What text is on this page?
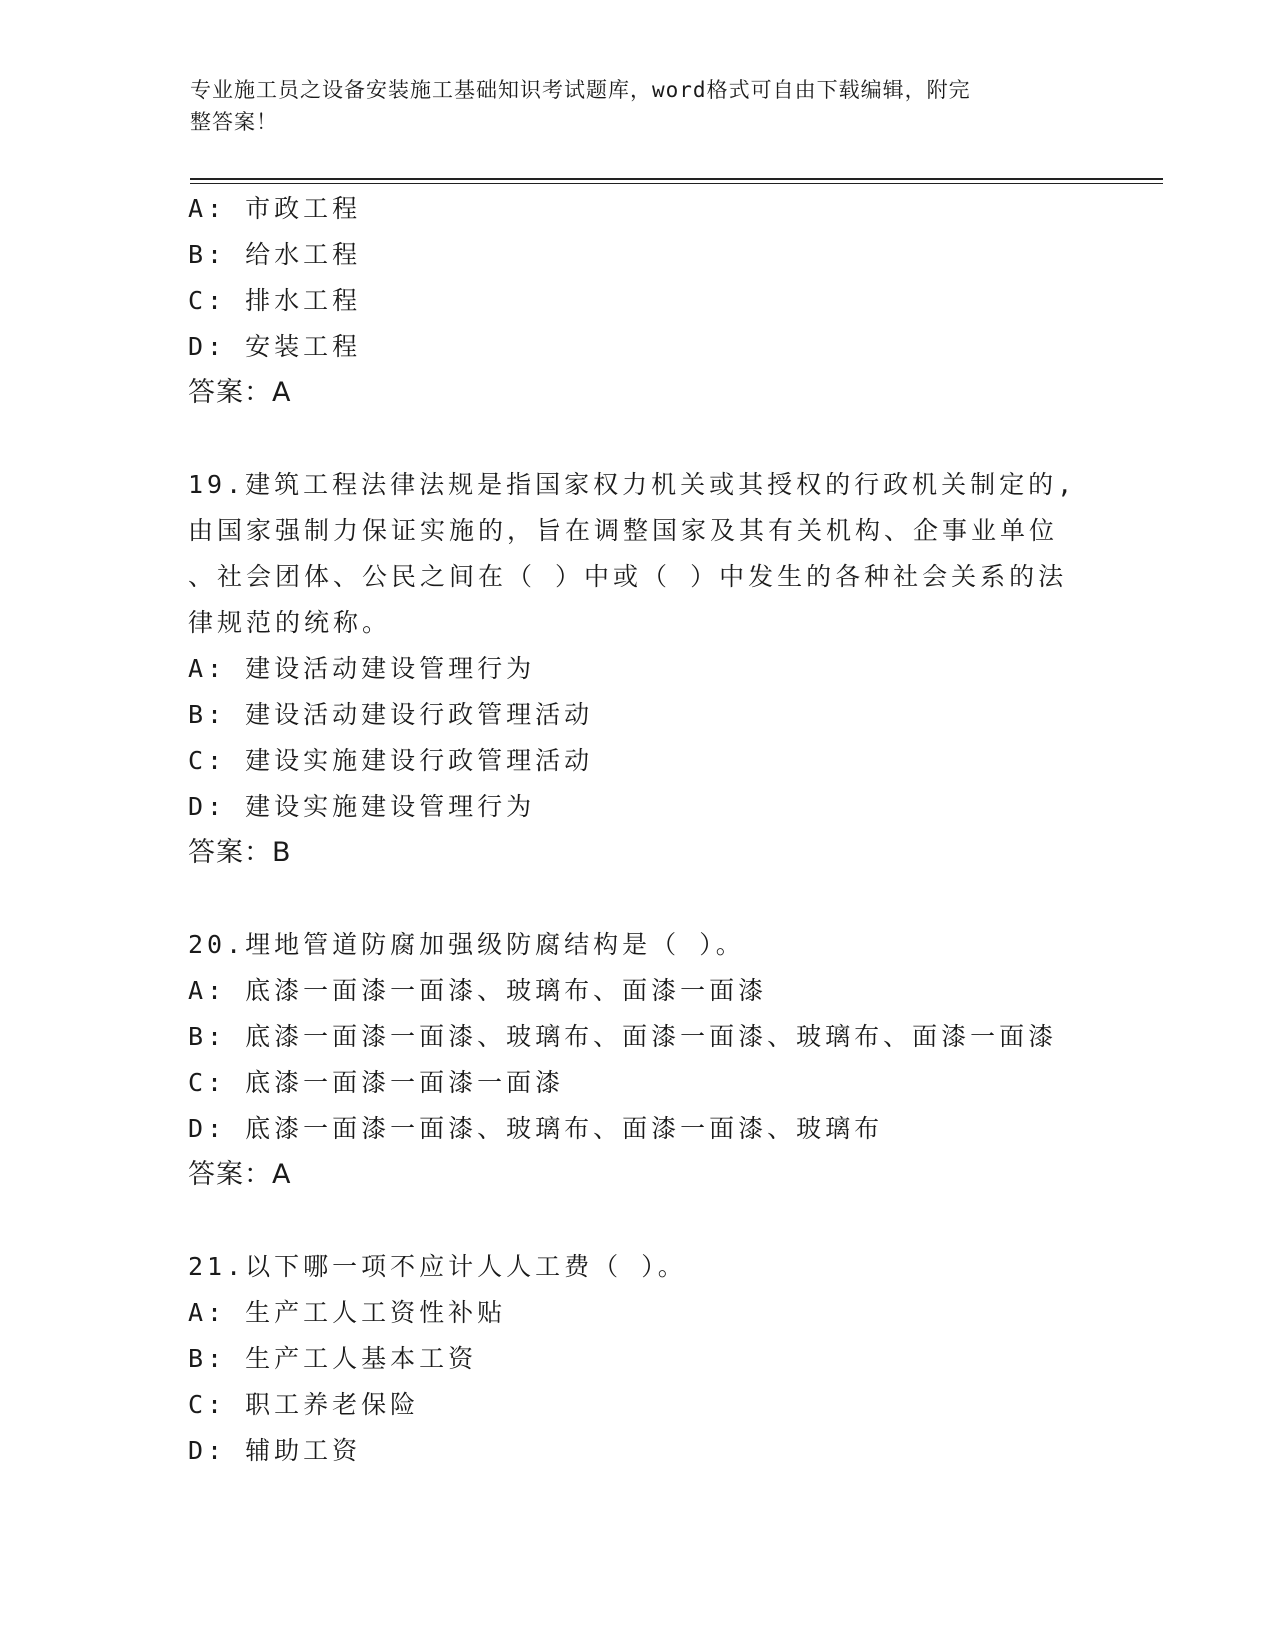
专业施工员之设备安装施工基础知识考试题库，word格式可自由下载编辑，附完
整答案！
A: 市政工程
B: 给水工程
C: 排水工程
D: 安装工程
答案：A
19.建筑工程法律法规是指国家权力机关或其授权的行政机关制定的,
由国家强制力保证实施的，旨在调整国家及其有关机构、企事业单位
、社会团体、公民之间在（ ）中或（ ）中发生的各种社会关系的法
律规范的统称。
A: 建设活动建设管理行为
B: 建设活动建设行政管理活动
C: 建设实施建设行政管理活动
D: 建设实施建设管理行为
答案：B
20.埋地管道防腐加强级防腐结构是（ ）。
A: 底漆一面漆一面漆、玻璃布、面漆一面漆
B: 底漆一面漆一面漆、玻璃布、面漆一面漆、玻璃布、面漆一面漆
C: 底漆一面漆一面漆一面漆
D: 底漆一面漆一面漆、玻璃布、面漆一面漆、玻璃布
答案：A
21.以下哪一项不应计人人工费（ ）。
A: 生产工人工资性补贴
B: 生产工人基本工资
C: 职工养老保险
D: 辅助工资
